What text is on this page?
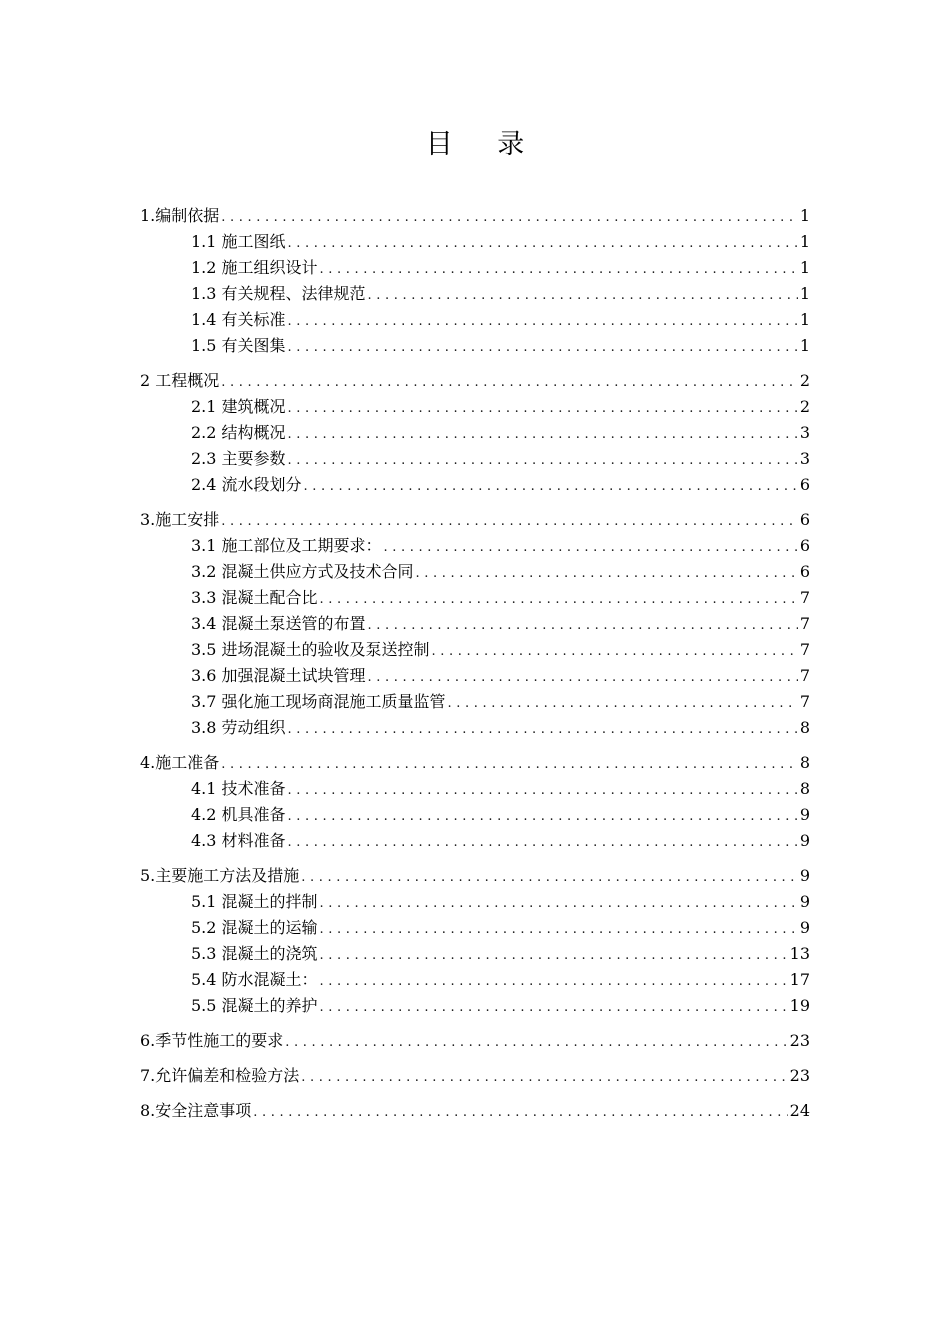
目 录
1.编制依据 .....	1
1.1 施工图纸 .....	1
1.2 施工组织设计 .....	1
1.3 有关规程、法律规范 .....	1
1.4 有关标准 .....	1
1.5 有关图集 .....	1
2 工程概况 .....	2
2.1 建筑概况 .....	2
2.2 结构概况 .....	3
2.3 主要参数 .....	3
2.4 流水段划分 .....	6
3.施工安排 .....	6
3.1 施工部位及工期要求： .....	6
3.2 混凝土供应方式及技术合同 .....	6
3.3 混凝土配合比 .....	7
3.4 混凝土泵送管的布置 .....	7
3.5 进场混凝土的验收及泵送控制 .....	7
3.6 加强混凝土试块管理 .....	7
3.7 强化施工现场商混施工质量监管 .....	7
3.8 劳动组织 .....	8
4.施工准备 .....	8
4.1 技术准备 .....	8
4.2 机具准备 .....	9
4.3 材料准备 .....	9
5.主要施工方法及措施 .....	9
5.1 混凝土的拌制 .....	9
5.2 混凝土的运输 .....	9
5.3 混凝土的浇筑 .....	13
5.4 防水混凝土： .....	17
5.5 混凝土的养护 .....	19
6.季节性施工的要求 .....	23
7.允许偏差和检验方法 .....	23
8.安全注意事项 .....	24
